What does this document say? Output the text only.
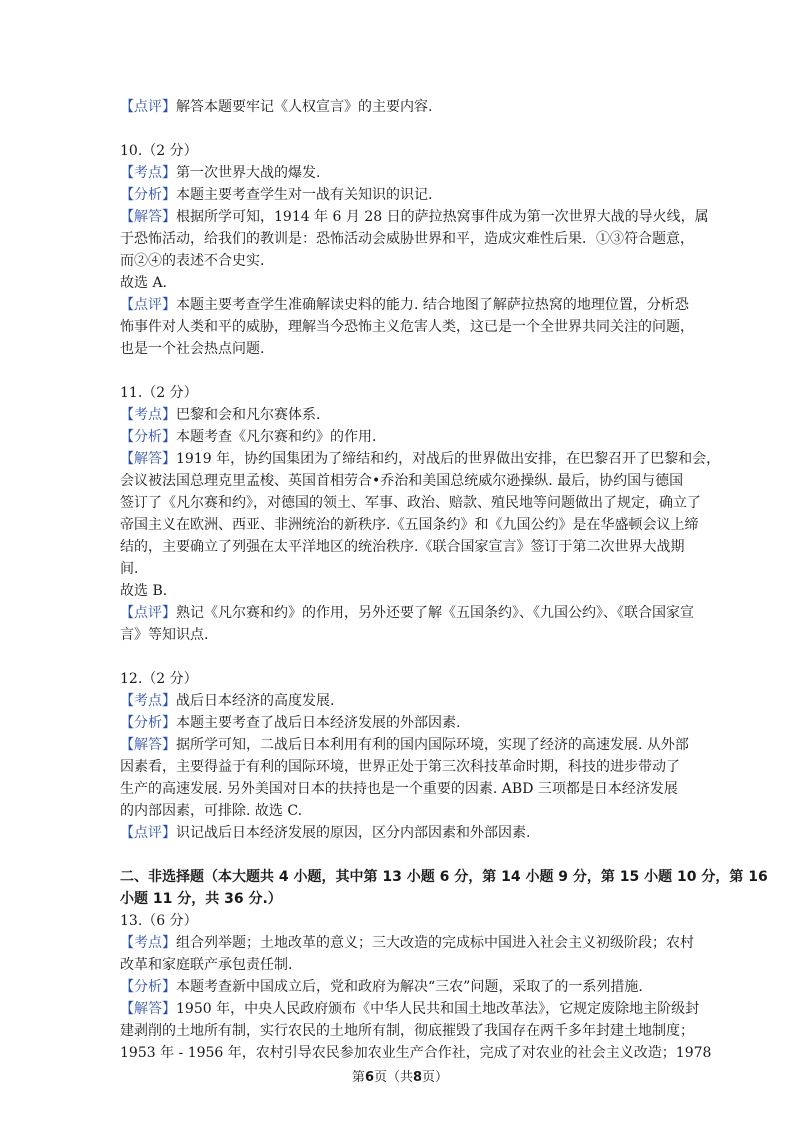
【点评】解答本题要牢记《人权宣言》的主要内容.
10.（2 分）
【考点】第一次世界大战的爆发.
【分析】本题主要考查学生对一战有关知识的识记.
【解答】根据所学可知，1914 年 6 月 28 日的萨拉热窝事件成为第一次世界大战的导火线，属
于恐怖活动，给我们的教训是：恐怖活动会威胁世界和平，造成灾难性后果．①③符合题意，
而②④的表述不合史实.
故选 A.
【点评】本题主要考查学生准确解读史料的能力. 结合地图了解萨拉热窝的地理位置，分析恐
怖事件对人类和平的威胁，理解当今恐怖主义危害人类，这已是一个全世界共同关注的问题，
也是一个社会热点问题.
11.（2 分）
【考点】巴黎和会和凡尔赛体系.
【分析】本题考查《凡尔赛和约》的作用.
【解答】1919 年，协约国集团为了缔结和约，对战后的世界做出安排，在巴黎召开了巴黎和会，
会议被法国总理克里孟梭、英国首相劳合•乔治和美国总统威尔逊操纵. 最后，协约国与德国
签订了《凡尔赛和约》，对德国的领土、军事、政治、赔款、殖民地等问题做出了规定，确立了
帝国主义在欧洲、西亚、非洲统治的新秩序.《五国条约》和《九国公约》是在华盛顿会议上缔
结的，主要确立了列强在太平洋地区的统治秩序.《联合国家宣言》签订于第二次世界大战期
间.
故选 B.
【点评】熟记《凡尔赛和约》的作用，另外还要了解《五国条约》、《九国公约》、《联合国家宣
言》等知识点.
12.（2 分）
【考点】战后日本经济的高度发展.
【分析】本题主要考查了战后日本经济发展的外部因素.
【解答】据所学可知，二战后日本利用有利的国内国际环境，实现了经济的高速发展. 从外部
因素看，主要得益于有利的国际环境，世界正处于第三次科技革命时期，科技的进步带动了
生产的高速发展. 另外美国对日本的扶持也是一个重要的因素. ABD 三项都是日本经济发展
的内部因素，可排除. 故选 C.
【点评】识记战后日本经济发展的原因，区分内部因素和外部因素.
二、非选择题（本大题共 4 小题，其中第 13 小题 6 分，第 14 小题 9 分，第 15 小题 10 分，第 16
小题 11 分，共 36 分.）
13.（6 分）
【考点】组合列举题；土地改革的意义；三大改造的完成标中国进入社会主义初级阶段；农村
改革和家庭联产承包责任制.
【分析】本题考查新中国成立后，党和政府为解决“三农”问题，采取了的一系列措施.
【解答】1950 年，中央人民政府颁布《中华人民共和国土地改革法》，它规定废除地主阶级封
建剥削的土地所有制，实行农民的土地所有制，彻底摧毁了我国存在两千多年封建土地制度；
1953 年 - 1956 年，农村引导农民参加农业生产合作社，完成了对农业的社会主义改造；1978
第6页（共8页）
